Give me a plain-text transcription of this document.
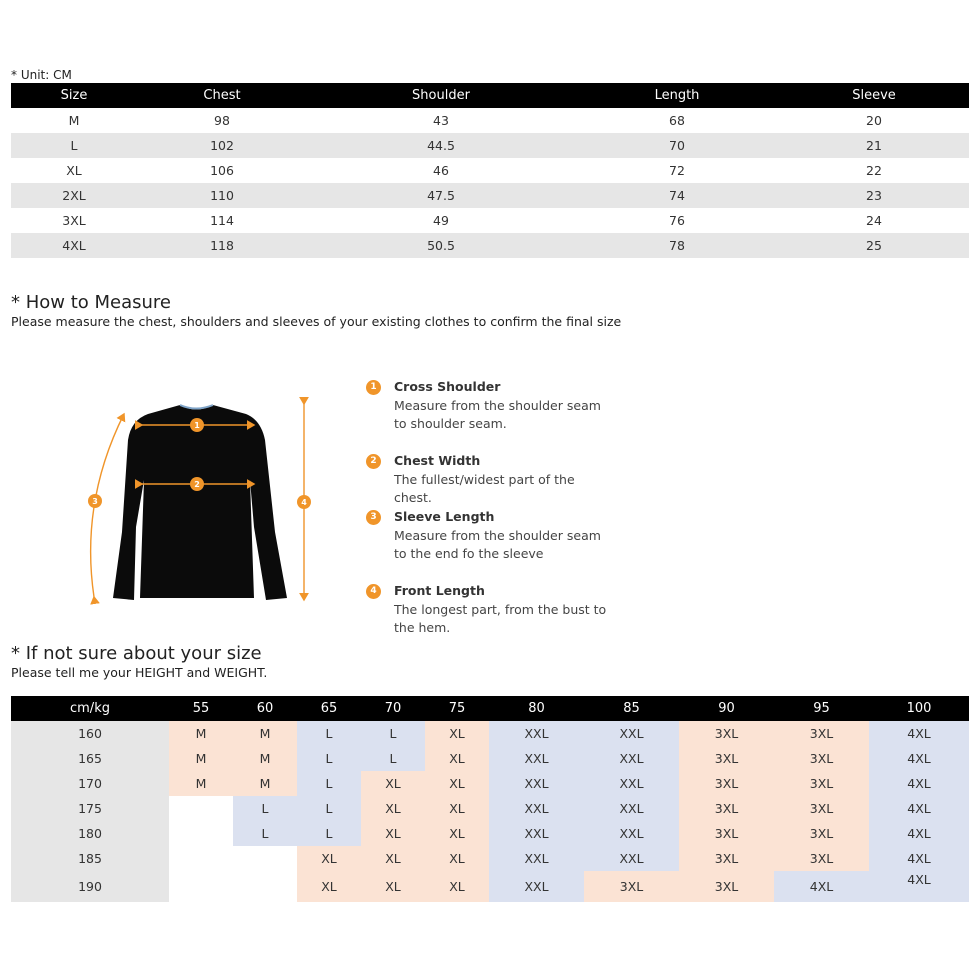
* Unit: CM
Size	Chest	Shoulder	Length	Sleeve
M	98	43	68	20
L	102	44.5	70	21
XL	106	46	72	22
2XL	110	47.5	74	23
3XL	114	49	76	24
4XL	118	50.5	78	25
* How to Measure
Please measure the chest, shoulders and sleeves of your existing clothes to confirm the final size
1
2
3	4
1	Cross Shoulder
Measure from the shoulder seam
to shoulder seam.
2	Chest Width
The fullest/widest part of the chest.
3	Sleeve Length
Measure from the shoulder seam
to the end fo the sleeve
4	Front Length
The longest part, from the bust to
the hem.
* If not sure about your size
Please tell me your HEIGHT and WEIGHT.
cm/kg	55	60	65	70	75	80	85	90	95	100
160	M	M	L	L	XL	XXL	XXL	3XL	3XL	4XL
165	M	M	L	L	XL	XXL	XXL	3XL	3XL	4XL
170	M	M	L	XL	XL	XXL	XXL	3XL	3XL	4XL
175		L	L	XL	XL	XXL	XXL	3XL	3XL	4XL
180		L	L	XL	XL	XXL	XXL	3XL	3XL	4XL
185			XL	XL	XL	XXL	XXL	3XL	3XL	4XL
190			XL	XL	XL	XXL	3XL	3XL	4XL	4XL
